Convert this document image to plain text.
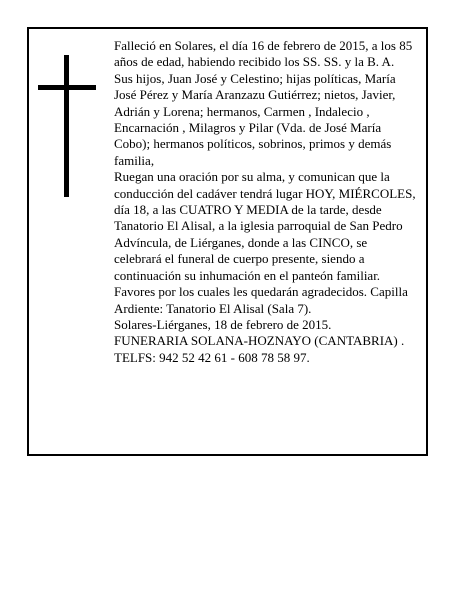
Falleció en Solares, el día 16 de febrero de 2015, a los 85 años de edad, habiendo recibido los SS. SS. y la B. A.

Sus hijos, Juan José y Celestino; hijas políticas, María José Pérez y María Aranzazu Gutiérrez; nietos, Javier, Adrián y Lorena; hermanos, Carmen , Indalecio , Encarnación , Milagros y Pilar (Vda. de José María Cobo); hermanos políticos, sobrinos, primos y demás familia,

Ruegan una oración por su alma, y comunican que la conducción del cadáver tendrá lugar HOY, MIÉRCOLES, día 18, a las CUATRO Y MEDIA de la tarde, desde Tanatorio El Alisal, a la iglesia parroquial de San Pedro Advíncula, de Liérganes, donde a las CINCO, se celebrará el funeral de cuerpo presente, siendo a continuación su inhumación en el panteón familiar. Favores por los cuales les quedarán agradecidos. Capilla Ardiente: Tanatorio El Alisal (Sala 7).

Solares-Liérganes, 18 de febrero de 2015.

FUNERARIA SOLANA-HOZNAYO (CANTABRIA) . TELFS: 942 52 42 61 - 608 78 58 97.
